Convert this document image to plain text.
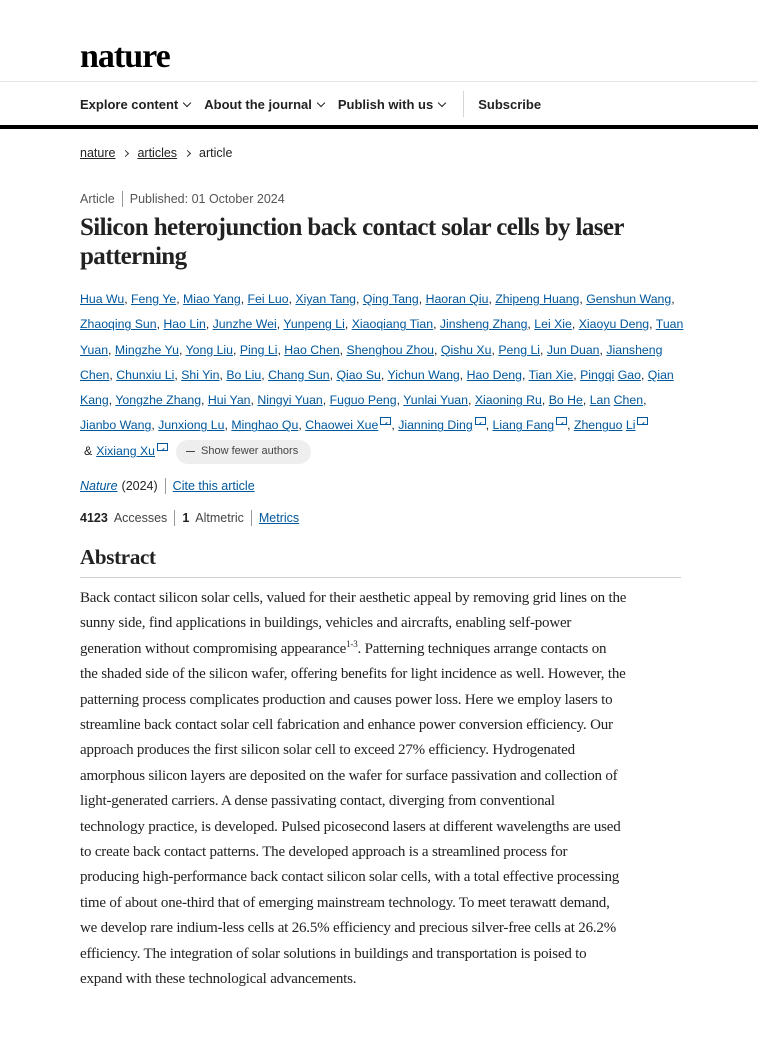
nature
Explore content About the journal Publish with us	Subscribe
nature articles article
Article Published: 01 October 2024
Silicon heterojunction back contact solar cells by laser patterning
Hua Wu, Feng Ye, Miao Yang, Fei Luo, Xiyan Tang, Qing Tang, Haoran Qiu, Zhipeng Huang, Genshun Wang, Zhaoqing Sun, Hao Lin, Junzhe Wei, Yunpeng Li, Xiaoqiang Tian, Jinsheng Zhang, Lei Xie, Xiaoyu Deng, Tuan Yuan, Mingzhe Yu, Yong Liu, Ping Li, Hao Chen, Shenghou Zhou, Qishu Xu, Peng Li, Jun Duan, Jiansheng Chen, Chunxiu Li, Shi Yin, Bo Liu, Chang Sun, Qiao Su, Yichun Wang, Hao Deng, Tian Xie, Pingqi Gao, Qian Kang, Yongzhe Zhang, Hui Yan, Ningyi Yuan, Fuguo Peng, Yunlai Yuan, Xiaoning Ru, Bo He, Lan Chen, Jianbo Wang, Junxiong Lu, Minghao Qu, Chaowei Xue , Jianning Ding , Liang Fang , Zhenguo Li& Xixiang Xu	Show fewer authors
Nature (2024) Cite this article
4123 Accesses 1 Altmetric Metrics
Abstract
Back contact silicon solar cells, valued for their aesthetic appeal by removing grid lines on the
sunny side, find applications in buildings, vehicles and aircrafts, enabling self-power
generation without compromising appearance$^{1-3}$. Patterning techniques arrange contacts on
the shaded side of the silicon wafer, offering benefits for light incidence as well. However, the
patterning process complicates production and causes power loss. Here we employ lasers to
streamline back contact solar cell fabrication and enhance power conversion efficiency. Our
approach produces the first silicon solar cell to exceed 27% efficiency. Hydrogenated
amorphous silicon layers are deposited on the wafer for surface passivation and collection of
light-generated carriers. A dense passivating contact, diverging from conventional
technology practice, is developed. Pulsed picosecond lasers at different wavelengths are used
to create back contact patterns. The developed approach is a streamlined process for
producing high-performance back contact silicon solar cells, with a total effective processing
time of about one-third that of emerging mainstream technology. To meet terawatt demand,
we develop rare indium-less cells at 26.5% efficiency and precious silver-free cells at 26.2%
efficiency. The integration of solar solutions in buildings and transportation is poised to
expand with these technological advancements.
